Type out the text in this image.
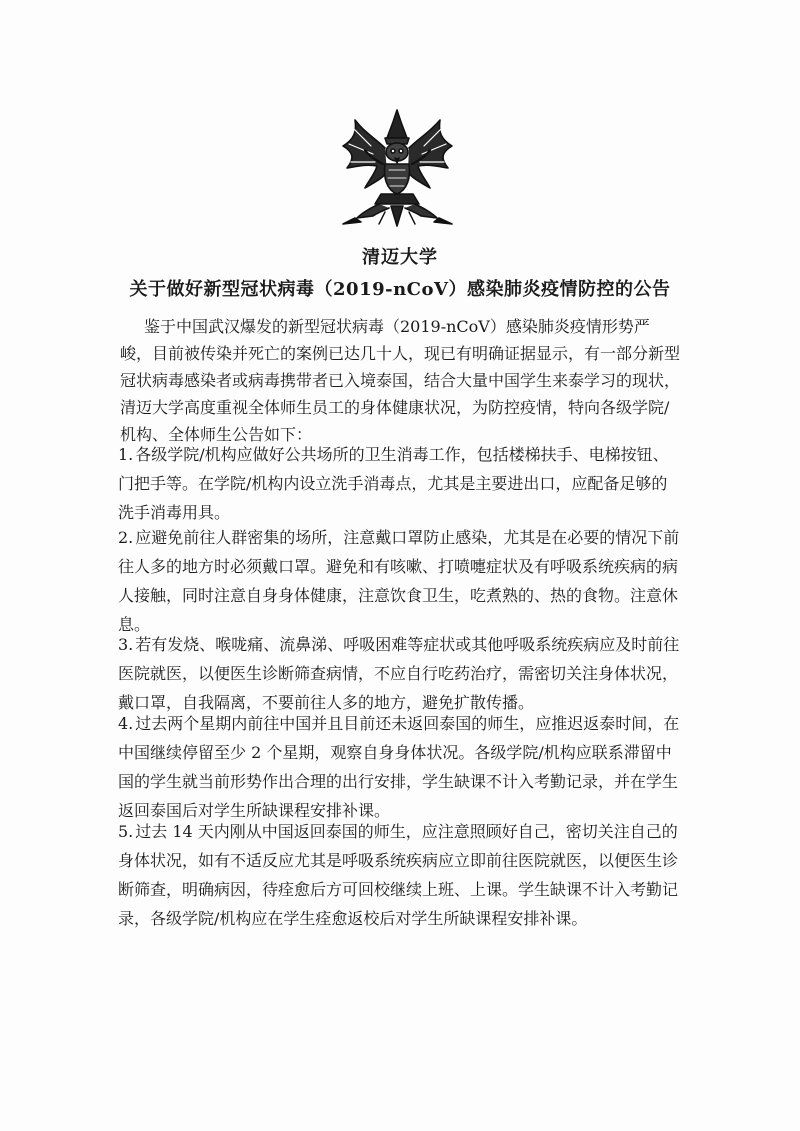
清迈大学
关于做好新型冠状病毒（2019-nCoV）感染肺炎疫情防控的公告
鉴于中国武汉爆发的新型冠状病毒（2019-nCoV）感染肺炎疫情形势严峻，目前被传染并死亡的案例已达几十人，现已有明确证据显示，有一部分新型冠状病毒感染者或病毒携带者已入境泰国，结合大量中国学生来泰学习的现状，清迈大学高度重视全体师生员工的身体健康状况，为防控疫情，特向各级学院/机构、全体师生公告如下：
1. 各级学院/机构应做好公共场所的卫生消毒工作，包括楼梯扶手、电梯按钮、门把手等。在学院/机构内设立洗手消毒点，尤其是主要进出口，应配备足够的洗手消毒用具。
2. 应避免前往人群密集的场所，注意戴口罩防止感染，尤其是在必要的情况下前往人多的地方时必须戴口罩。避免和有咳嗽、打喷嚏症状及有呼吸系统疾病的病人接触，同时注意自身身体健康，注意饮食卫生，吃煮熟的、热的食物。注意休息。
3. 若有发烧、喉咙痛、流鼻涕、呼吸困难等症状或其他呼吸系统疾病应及时前往医院就医，以便医生诊断筛查病情，不应自行吃药治疗，需密切关注身体状况，戴口罩，自我隔离，不要前往人多的地方，避免扩散传播。
4. 过去两个星期内前往中国并且目前还未返回泰国的师生，应推迟返泰时间，在中国继续停留至少 2 个星期，观察自身身体状况。各级学院/机构应联系滞留中国的学生就当前形势作出合理的出行安排，学生缺课不计入考勤记录，并在学生返回泰国后对学生所缺课程安排补课。
5. 过去 14 天内刚从中国返回泰国的师生，应注意照顾好自己，密切关注自己的身体状况，如有不适反应尤其是呼吸系统疾病应立即前往医院就医，以便医生诊断筛查，明确病因，待痊愈后方可回校继续上班、上课。学生缺课不计入考勤记录，各级学院/机构应在学生痊愈返校后对学生所缺课程安排补课。
